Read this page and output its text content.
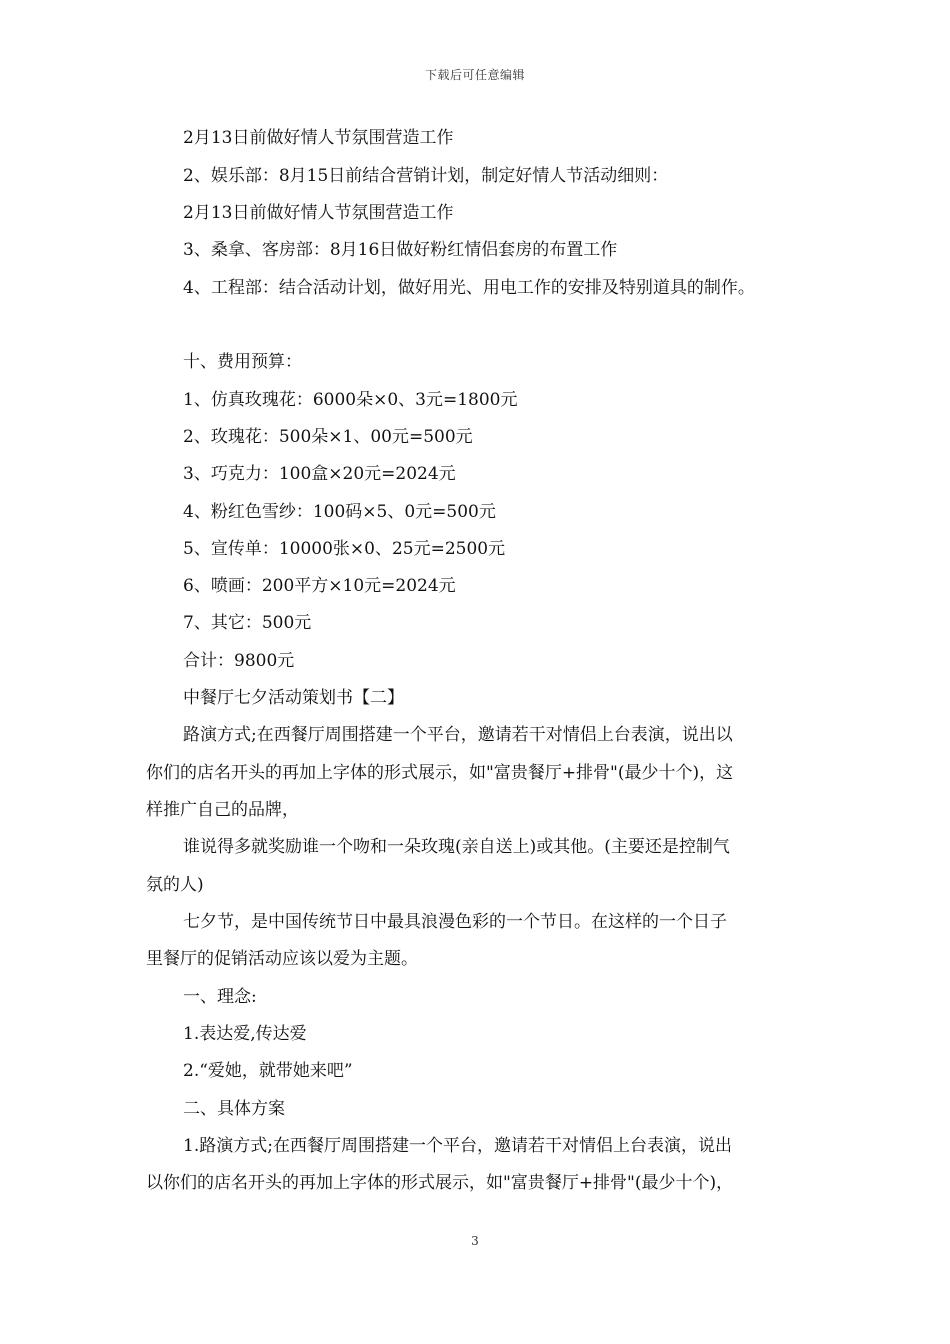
下载后可任意编辑
2月13日前做好情人节氛围营造工作
2、娱乐部：8月15日前结合营销计划，制定好情人节活动细则：
2月13日前做好情人节氛围营造工作
3、桑拿、客房部：8月16日做好粉红情侣套房的布置工作
4、工程部：结合活动计划，做好用光、用电工作的安排及特别道具的制作。
十、费用预算：
1、仿真玫瑰花：6000朵×0、3元=1800元
2、玫瑰花：500朵×1、00元=500元
3、巧克力：100盒×20元=2024元
4、粉红色雪纱：100码×5、0元=500元
5、宣传单：10000张×0、25元=2500元
6、喷画：200平方×10元=2024元
7、其它：500元
合计：9800元
中餐厅七夕活动策划书【二】
路演方式;在西餐厅周围搭建一个平台，邀请若干对情侣上台表演，说出以
你们的店名开头的再加上字体的形式展示，如"富贵餐厅+排骨"(最少十个)，这
样推广自己的品牌，
谁说得多就奖励谁一个吻和一朵玫瑰(亲自送上)或其他。(主要还是控制气
氛的人)
七夕节，是中国传统节日中最具浪漫色彩的一个节日。在这样的一个日子
里餐厅的促销活动应该以爱为主题。
一、理念:
1.表达爱,传达爱
2.“爱她，就带她来吧”
二、具体方案
1.路演方式;在西餐厅周围搭建一个平台，邀请若干对情侣上台表演，说出
以你们的店名开头的再加上字体的形式展示，如"富贵餐厅+排骨"(最少十个)，
3
